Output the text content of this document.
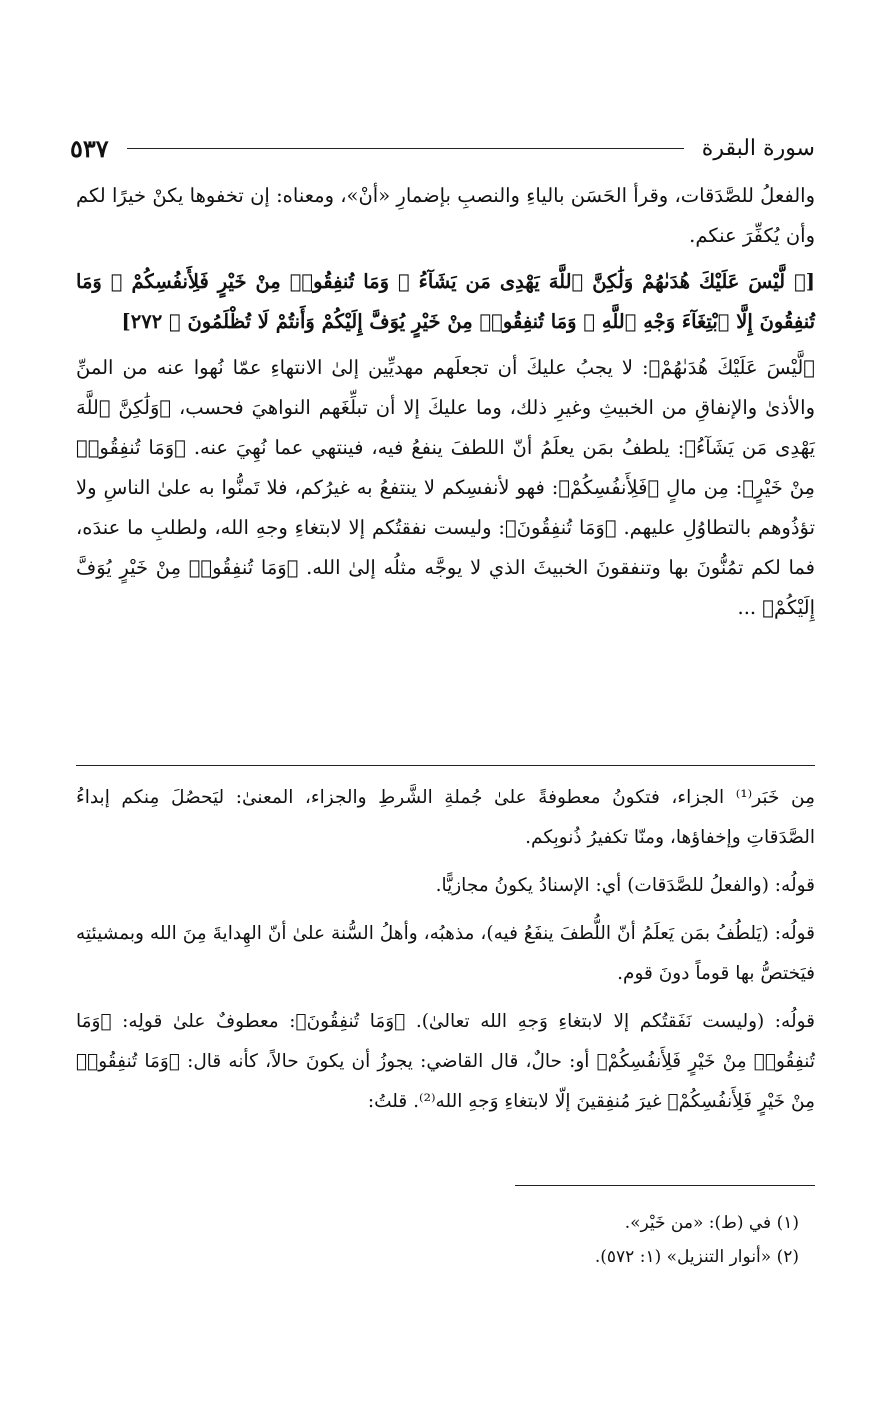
سورة البقرة
٥٣٧

والفعلُ للصَّدَقات، وقرأ الحَسَن بالياءِ والنصبِ بإضمارِ «أنْ»، ومعناه: إن تخفوها يكنْ خيرًا لكم وأن يُكفِّرَ عنكم.

[﴿ لَّيْسَ عَلَيْكَ هُدَىٰهُمْ وَلَٰكِنَّ ٱللَّهَ يَهْدِى مَن يَشَآءُ ۗ وَمَا تُنفِقُوا۟ مِنْ خَيْرٍ فَلِأَنفُسِكُمْ ۚ وَمَا تُنفِقُونَ إِلَّا ٱبْتِغَآءَ وَجْهِ ٱللَّهِ ۚ وَمَا تُنفِقُوا۟ مِنْ خَيْرٍ يُوَفَّ إِلَيْكُمْ وَأَنتُمْ لَا تُظْلَمُونَ ﴾ ٢٧٢]

﴿لَّيْسَ عَلَيْكَ هُدَىٰهُمْ﴾: لا يجبُ عليكَ أن تجعلَهم مهديِّين إلىٰ الانتهاءِ عمّا نُهوا عنه من المنِّ والأذىٰ والإنفاقِ من الخبيثِ وغيرِ ذلك، وما عليكَ إلا أن تبلِّغَهم النواهيَ فحسب، ﴿وَلَٰكِنَّ ٱللَّهَ يَهْدِى مَن يَشَآءُ﴾: يلطفُ بمَن يعلَمُ أنّ اللطفَ ينفعُ فيه، فينتهي عما نُهِيَ عنه. ﴿وَمَا تُنفِقُوا۟ مِنْ خَيْرٍ﴾: مِن مالٍ ﴿فَلِأَنفُسِكُمْ﴾: فهو لأنفسِكم لا ينتفعُ به غيرُكم، فلا تَمنُّوا به علىٰ الناسِ ولا تؤذُوهم بالتطاوُلِ عليهم. ﴿وَمَا تُنفِقُونَ﴾: وليست نفقتُكم إلا لابتغاءِ وجهِ الله، ولطلبِ ما عندَه، فما لكم تمُنُّونَ بها وتنفقونَ الخبيثَ الذي لا يوجَّه مثلُه إلىٰ الله. ﴿وَمَا تُنفِقُوا۟ مِنْ خَيْرٍ يُوَفَّ إِلَيْكُمْ﴾ ...

مِن خَبَر⁽¹⁾ الجزاء، فتكونُ معطوفةً علىٰ جُملةِ الشَّرطِ والجزاء، المعنىٰ: ليَحصُلَ مِنكم إبداءُ الصَّدَقاتِ وإخفاؤها، ومنّا تكفيرُ ذُنوبِكم.

قولُه: (والفعلُ للصَّدَقات) أي: الإسنادُ يكونُ مجازيًّا.

قولُه: (يَلطُفُ بمَن يَعلَمُ أنّ اللُّطفَ ينفَعُ فيه)، مذهبُه، وأهلُ السُّنة علىٰ أنّ الهِدايةَ مِنَ الله وبمشيئتِه فيَختصُّ بها قوماً دونَ قوم.

قولُه: (وليست نَفَقتُكم إلا لابتغاءِ وَجهِ الله تعالىٰ). ﴿وَمَا تُنفِقُونَ﴾: معطوفٌ علىٰ قولِه: ﴿وَمَا تُنفِقُوا۟ مِنْ خَيْرٍ فَلِأَنفُسِكُمْ﴾ أو: حالٌ، قال القاضي: يجوزُ أن يكونَ حالاً، كأنه قال: ﴿وَمَا تُنفِقُوا۟ مِنْ خَيْرٍ فَلِأَنفُسِكُمْ﴾ غيرَ مُنفِقينَ إلّا لابتغاءِ وَجهِ الله⁽²⁾. قلتُ:

(١) في (ط): «من خَيْر».

(٢) «أنوار التنزيل» (١: ٥٧٢).
